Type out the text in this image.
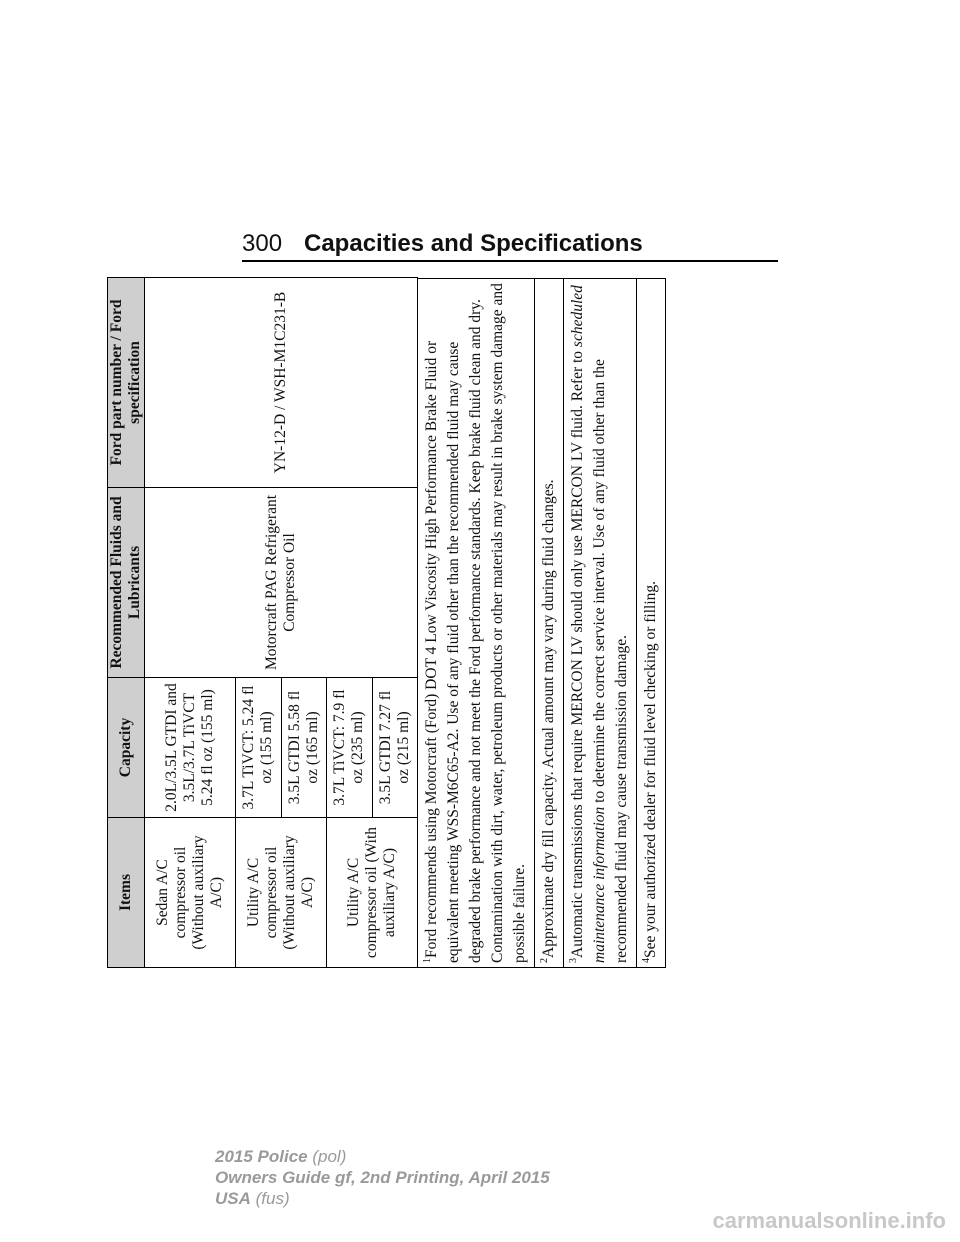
300 Capacities and Specifications
Items	Capacity	Recommended Fluids and Lubricants	Ford part number / Ford specification
Sedan A/C compressor oil (Without auxiliary A/C)	2.0L/3.5L GTDI and 3.5L/3.7L TiVCT 5.24 fl oz (155 ml)	Motorcraft PAG Refrigerant Compressor Oil	YN-12-D / WSH-M1C231-B
Utility A/C compressor oil (Without auxiliary A/C)	3.7L TiVCT: 5.24 fl oz (155 ml)		
	3.5L GTDI 5.58 fl oz (165 ml)		
Utility A/C compressor oil (With auxiliary A/C)	3.7L TiVCT: 7.9 fl oz (235 ml)		
	3.5L GTDI 7.27 fl oz (215 ml)		
$^1$Ford recommends using Motorcraft (Ford) DOT 4 Low Viscosity High Performance Brake Fluid or equivalent meeting WSS-M6C65-A2. Use of any fluid other than the recommended fluid may cause degraded brake performance and not meet the Ford performance standards. Keep brake fluid clean and dry. Contamination with dirt, water, petroleum products or other materials may result in brake system damage and possible failure.	$^2$Approximate dry fill capacity. Actual amount may vary during fluid changes.
$^3$Automatic transmissions that require MERCON LV should only use MERCON LV fluid. Refer to scheduled maintenance information to determine the correct service interval. Use of any fluid other than the recommended fluid may cause transmission damage.	$^4$See your authorized dealer for fluid level checking or filling.
2015 Police (pol)
Owners Guide gf, 2nd Printing, April 2015
USA (fus)
carmanualsonline.info
